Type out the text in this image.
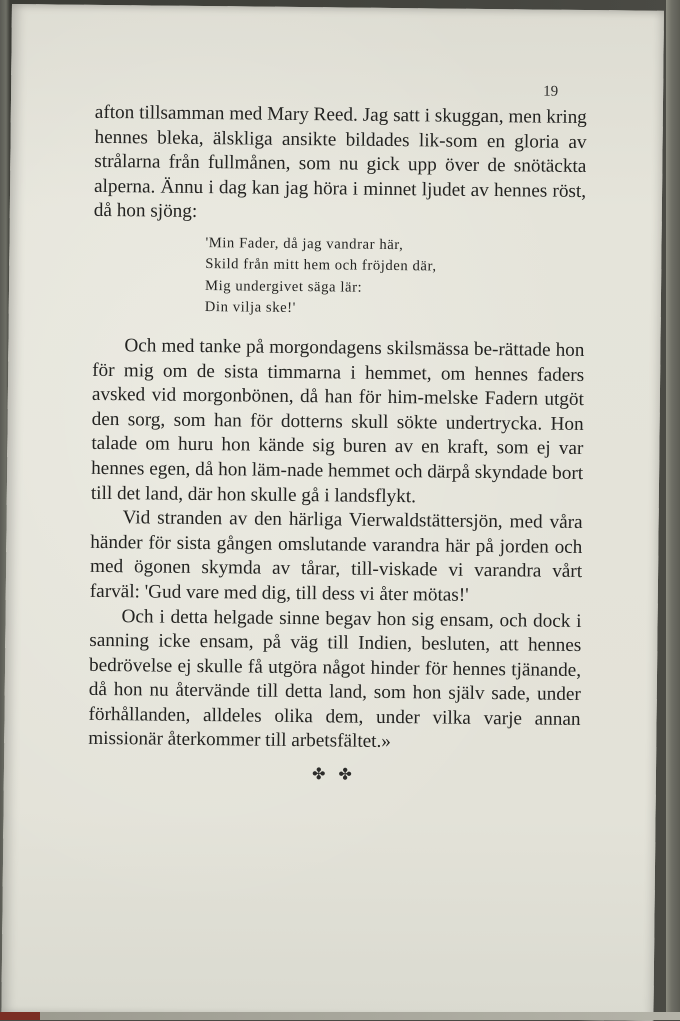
19

afton tillsamman med Mary Reed. Jag satt i skuggan, men kring hennes bleka, älskliga ansikte bildades lik-som en gloria av strålarna från fullmånen, som nu gick upp över de snötäckta alperna. Ännu i dag kan jag höra i minnet ljudet av hennes röst, då hon sjöng:

'Min Fader, då jag vandrar här,
Skild från mitt hem och fröjden där,
Mig undergivet säga lär:
Din vilja ske!'

Och med tanke på morgondagens skilsmässa be-rättade hon för mig om de sista timmarna i hemmet, om hennes faders avsked vid morgonbönen, då han för him-melske Fadern utgöt den sorg, som han för dotterns skull sökte undertrycka. Hon talade om huru hon kände sig buren av en kraft, som ej var hennes egen, då hon läm-nade hemmet och därpå skyndade bort till det land, där hon skulle gå i landsflykt.

Vid stranden av den härliga Vierwaldstättersjön, med våra händer för sista gången omslutande varandra här på jorden och med ögonen skymda av tårar, till-viskade vi varandra vårt farväl: 'Gud vare med dig, till dess vi åter mötas!'

Och i detta helgade sinne begav hon sig ensam, och dock i sanning icke ensam, på väg till Indien, besluten, att hennes bedrövelse ej skulle få utgöra något hinder för hennes tjänande, då hon nu återvände till detta land, som hon själv sade, under förhållanden, alldeles olika dem, under vilka varje annan missionär återkommer till arbetsfältet.»

✤ ✤
